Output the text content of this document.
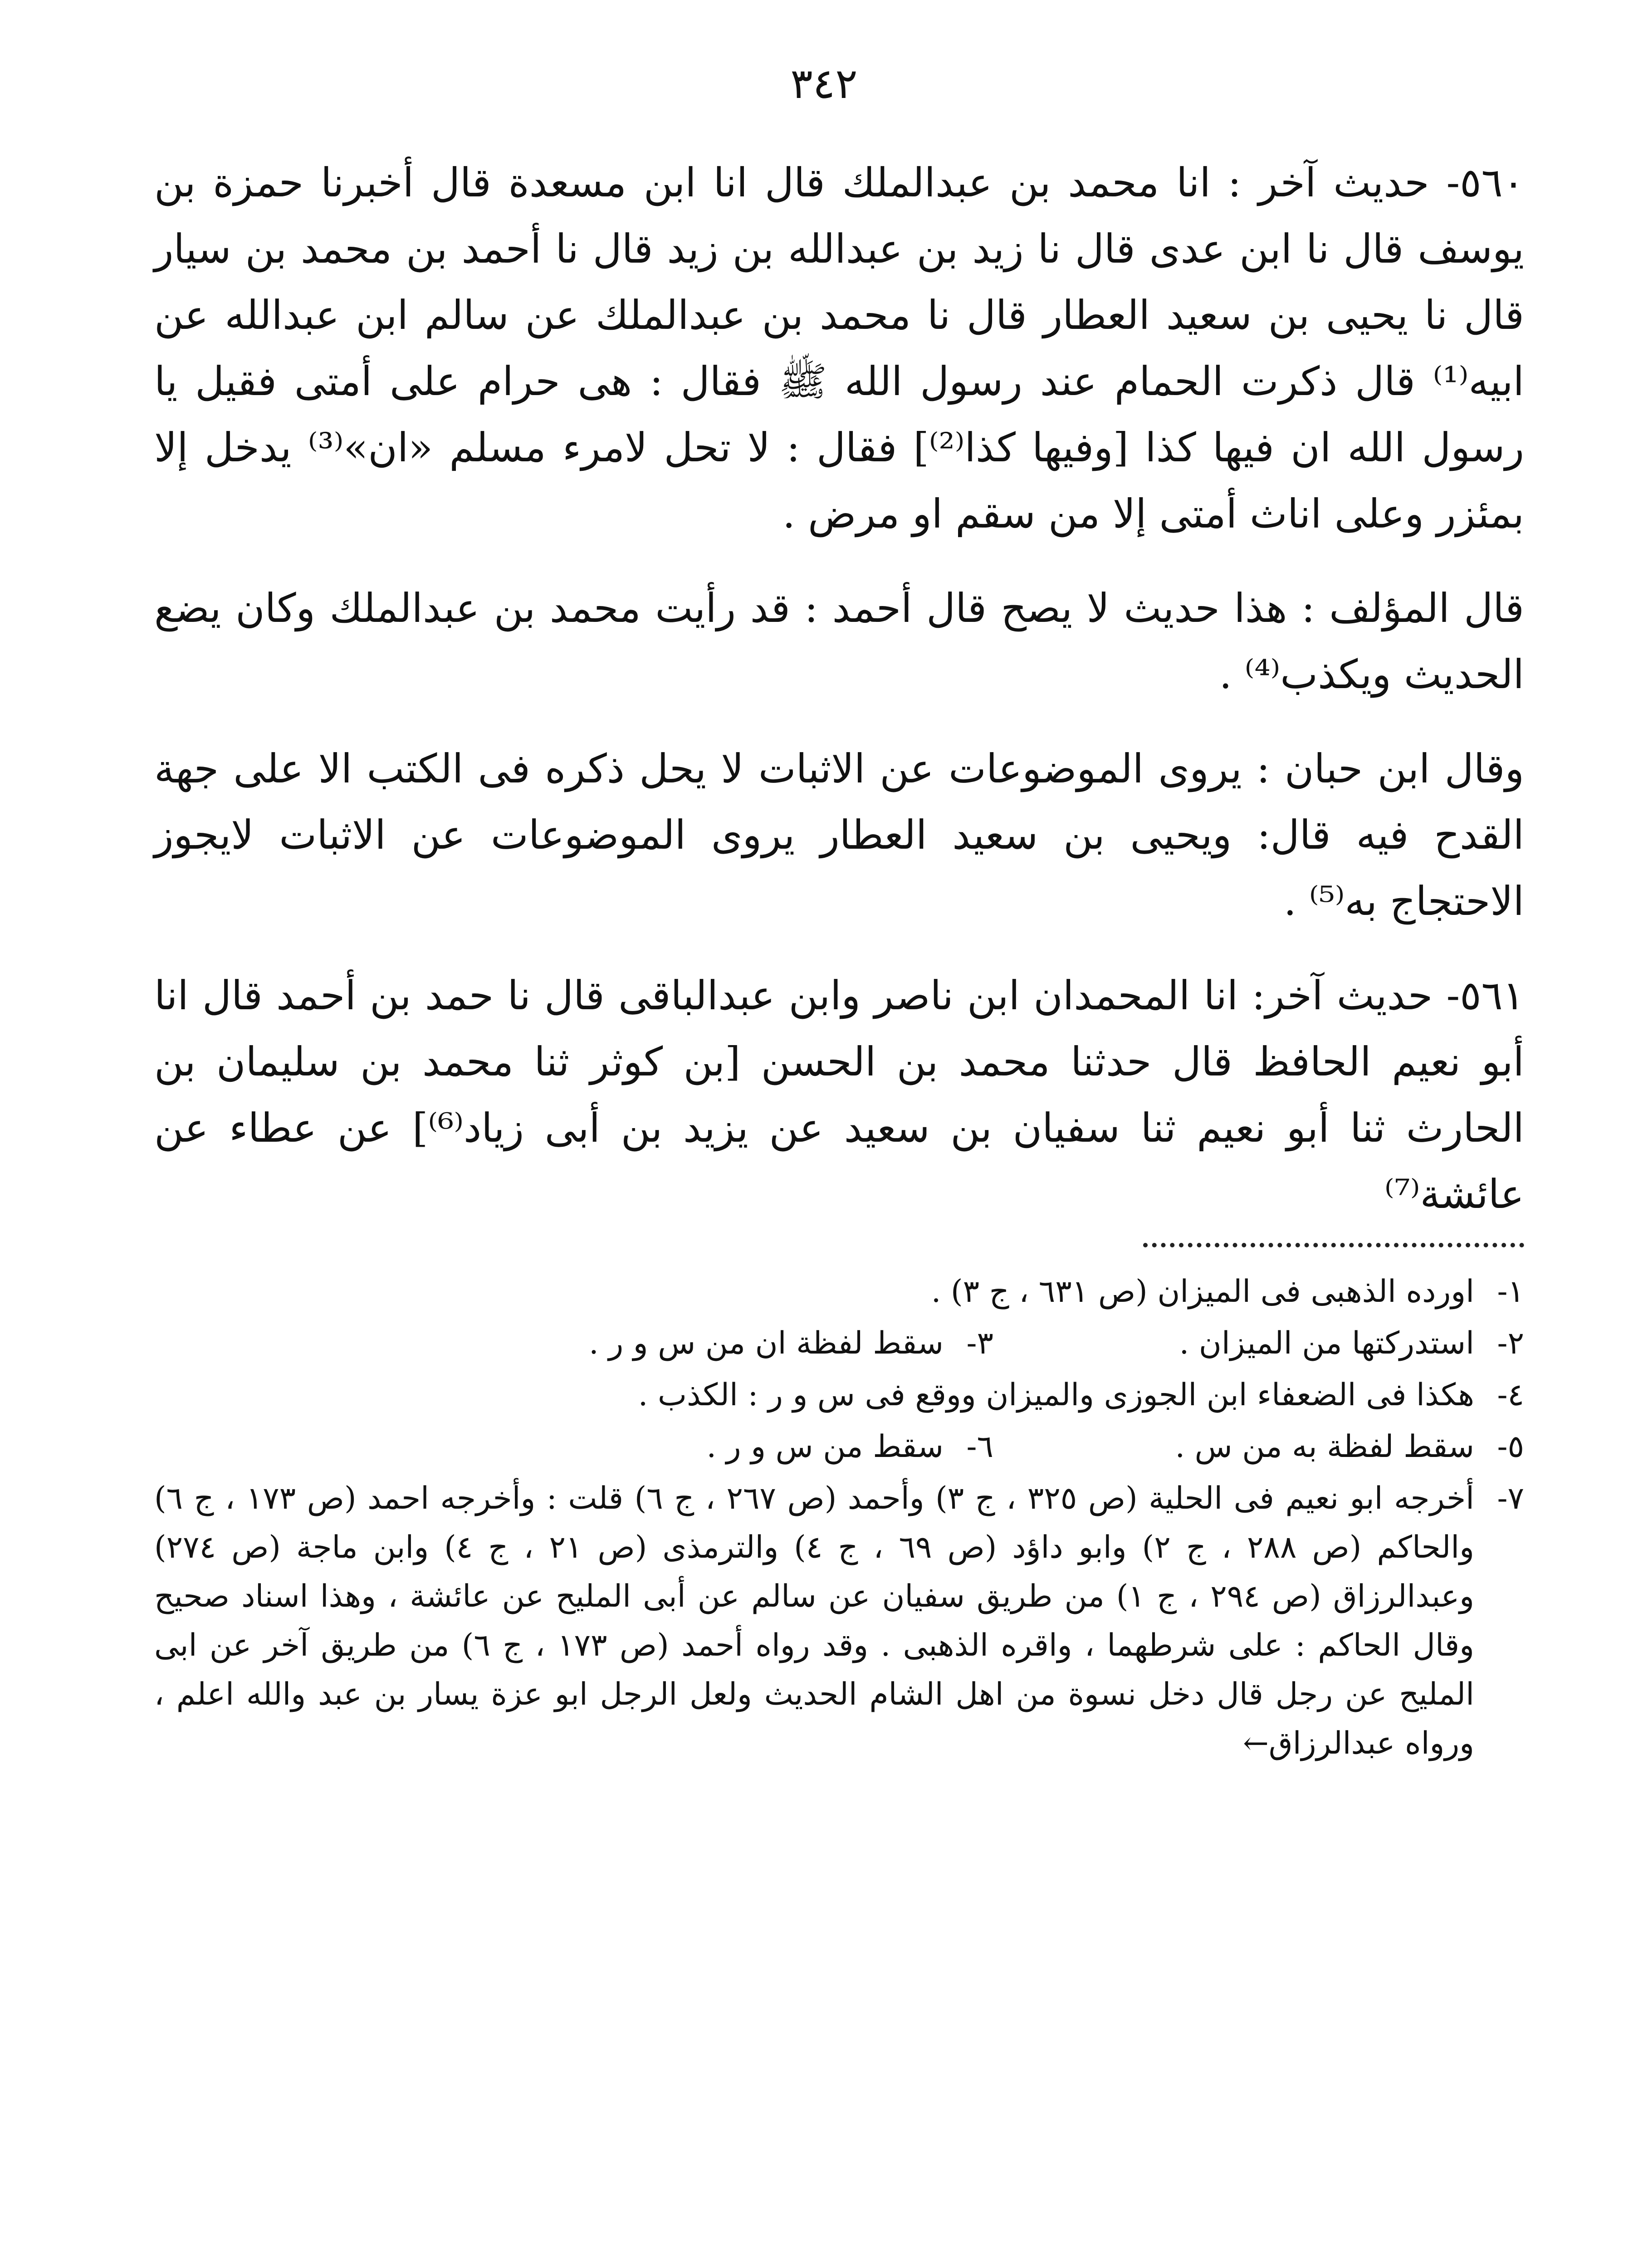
٣٤٢

٥٦٠- حديث آخر : انا محمد بن عبدالملك قال انا ابن مسعدة قال أخبرنا حمزة بن يوسف قال نا ابن عدى قال نا زيد بن عبدالله بن زيد قال نا أحمد بن محمد بن سيار قال نا يحيى بن سعيد العطار قال نا محمد بن عبدالملك عن سالم ابن عبدالله عن ابيه⁽¹⁾ قال ذكرت الحمام عند رسول الله ﷺ فقال : هى حرام على أمتى فقيل يا رسول الله ان فيها كذا [وفيها كذا⁽²⁾] فقال : لا تحل لامرء مسلم «ان»⁽³⁾ يدخل إلا بمئزر وعلى اناث أمتى إلا من سقم او مرض .

قال المؤلف : هذا حديث لا يصح قال أحمد : قد رأيت محمد بن عبدالملك وكان يضع الحديث ويكذب⁽⁴⁾ .

وقال ابن حبان : يروى الموضوعات عن الاثبات لا يحل ذكره فى الكتب الا على جهة القدح فيه قال: ويحيى بن سعيد العطار يروى الموضوعات عن الاثبات لايجوز الاحتجاج به⁽⁵⁾ .

٥٦١- حديث آخر: انا المحمدان ابن ناصر وابن عبدالباقى قال نا حمد بن أحمد قال انا أبو نعيم الحافظ قال حدثنا محمد بن الحسن [بن كوثر ثنا محمد بن سليمان بن الحارث ثنا أبو نعيم ثنا سفيان بن سعيد عن يزيد بن أبى زياد⁽⁶⁾] عن عطاء عن عائشة⁽⁷⁾

١-
اورده الذهبى فى الميزان (ص ٦٣١ ، ج ٣) .
٢-
استدركتها من الميزان .
٣-
سقط لفظة ان من س و ر .
٤-
هكذا فى الضعفاء ابن الجوزى والميزان ووقع فى س و ر : الكذب .
٥-
سقط لفظة به من س .
٦-
سقط من س و ر .
٧-
أخرجه ابو نعيم فى الحلية (ص ٣٢٥ ، ج ٣) وأحمد (ص ٢٦٧ ، ج ٦) قلت : وأخرجه احمد (ص ١٧٣ ، ج ٦) والحاكم (ص ٢٨٨ ، ج ٢) وابو داؤد (ص ٦٩ ، ج ٤) والترمذى (ص ٢١ ، ج ٤) وابن ماجة (ص ٢٧٤) وعبدالرزاق (ص ٢٩٤ ، ج ١) من طريق سفيان عن سالم عن أبى المليح عن عائشة ، وهذا اسناد صحيح وقال الحاكم : على شرطهما ، واقره الذهبى . وقد رواه أحمد (ص ١٧٣ ، ج ٦) من طريق آخر عن ابى المليح عن رجل قال دخل نسوة من اهل الشام الحديث ولعل الرجل ابو عزة يسار بن عبد والله اعلم ، ورواه عبدالرزاق←
